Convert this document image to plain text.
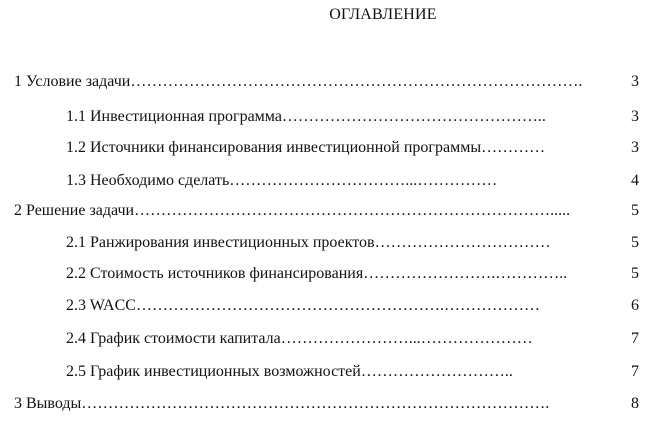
ОГЛАВЛЕНИЕ
1 Условие задачи ………………………………………………………………………….	3
1.1 Инвестиционная программа …………………………………………..	3
1.2 Источники финансирования инвестиционной программы …………	3
1.3 Необходимо сделать ……………………………...……………	4
2 Решение задачи …………………………………………………………………….....	5
2.1 Ранжирования инвестиционных проектов ……………………………	5
2.2 Стоимость источников финансирования …………………….…………..	5
2.3 WACC ………………………………………………….………………	6
2.4 График стоимости капитала ……………………...…………………	7
2.5 График инвестиционных возможностей ………………………..	7
3 Выводы …………………………………………………………………………….	8
